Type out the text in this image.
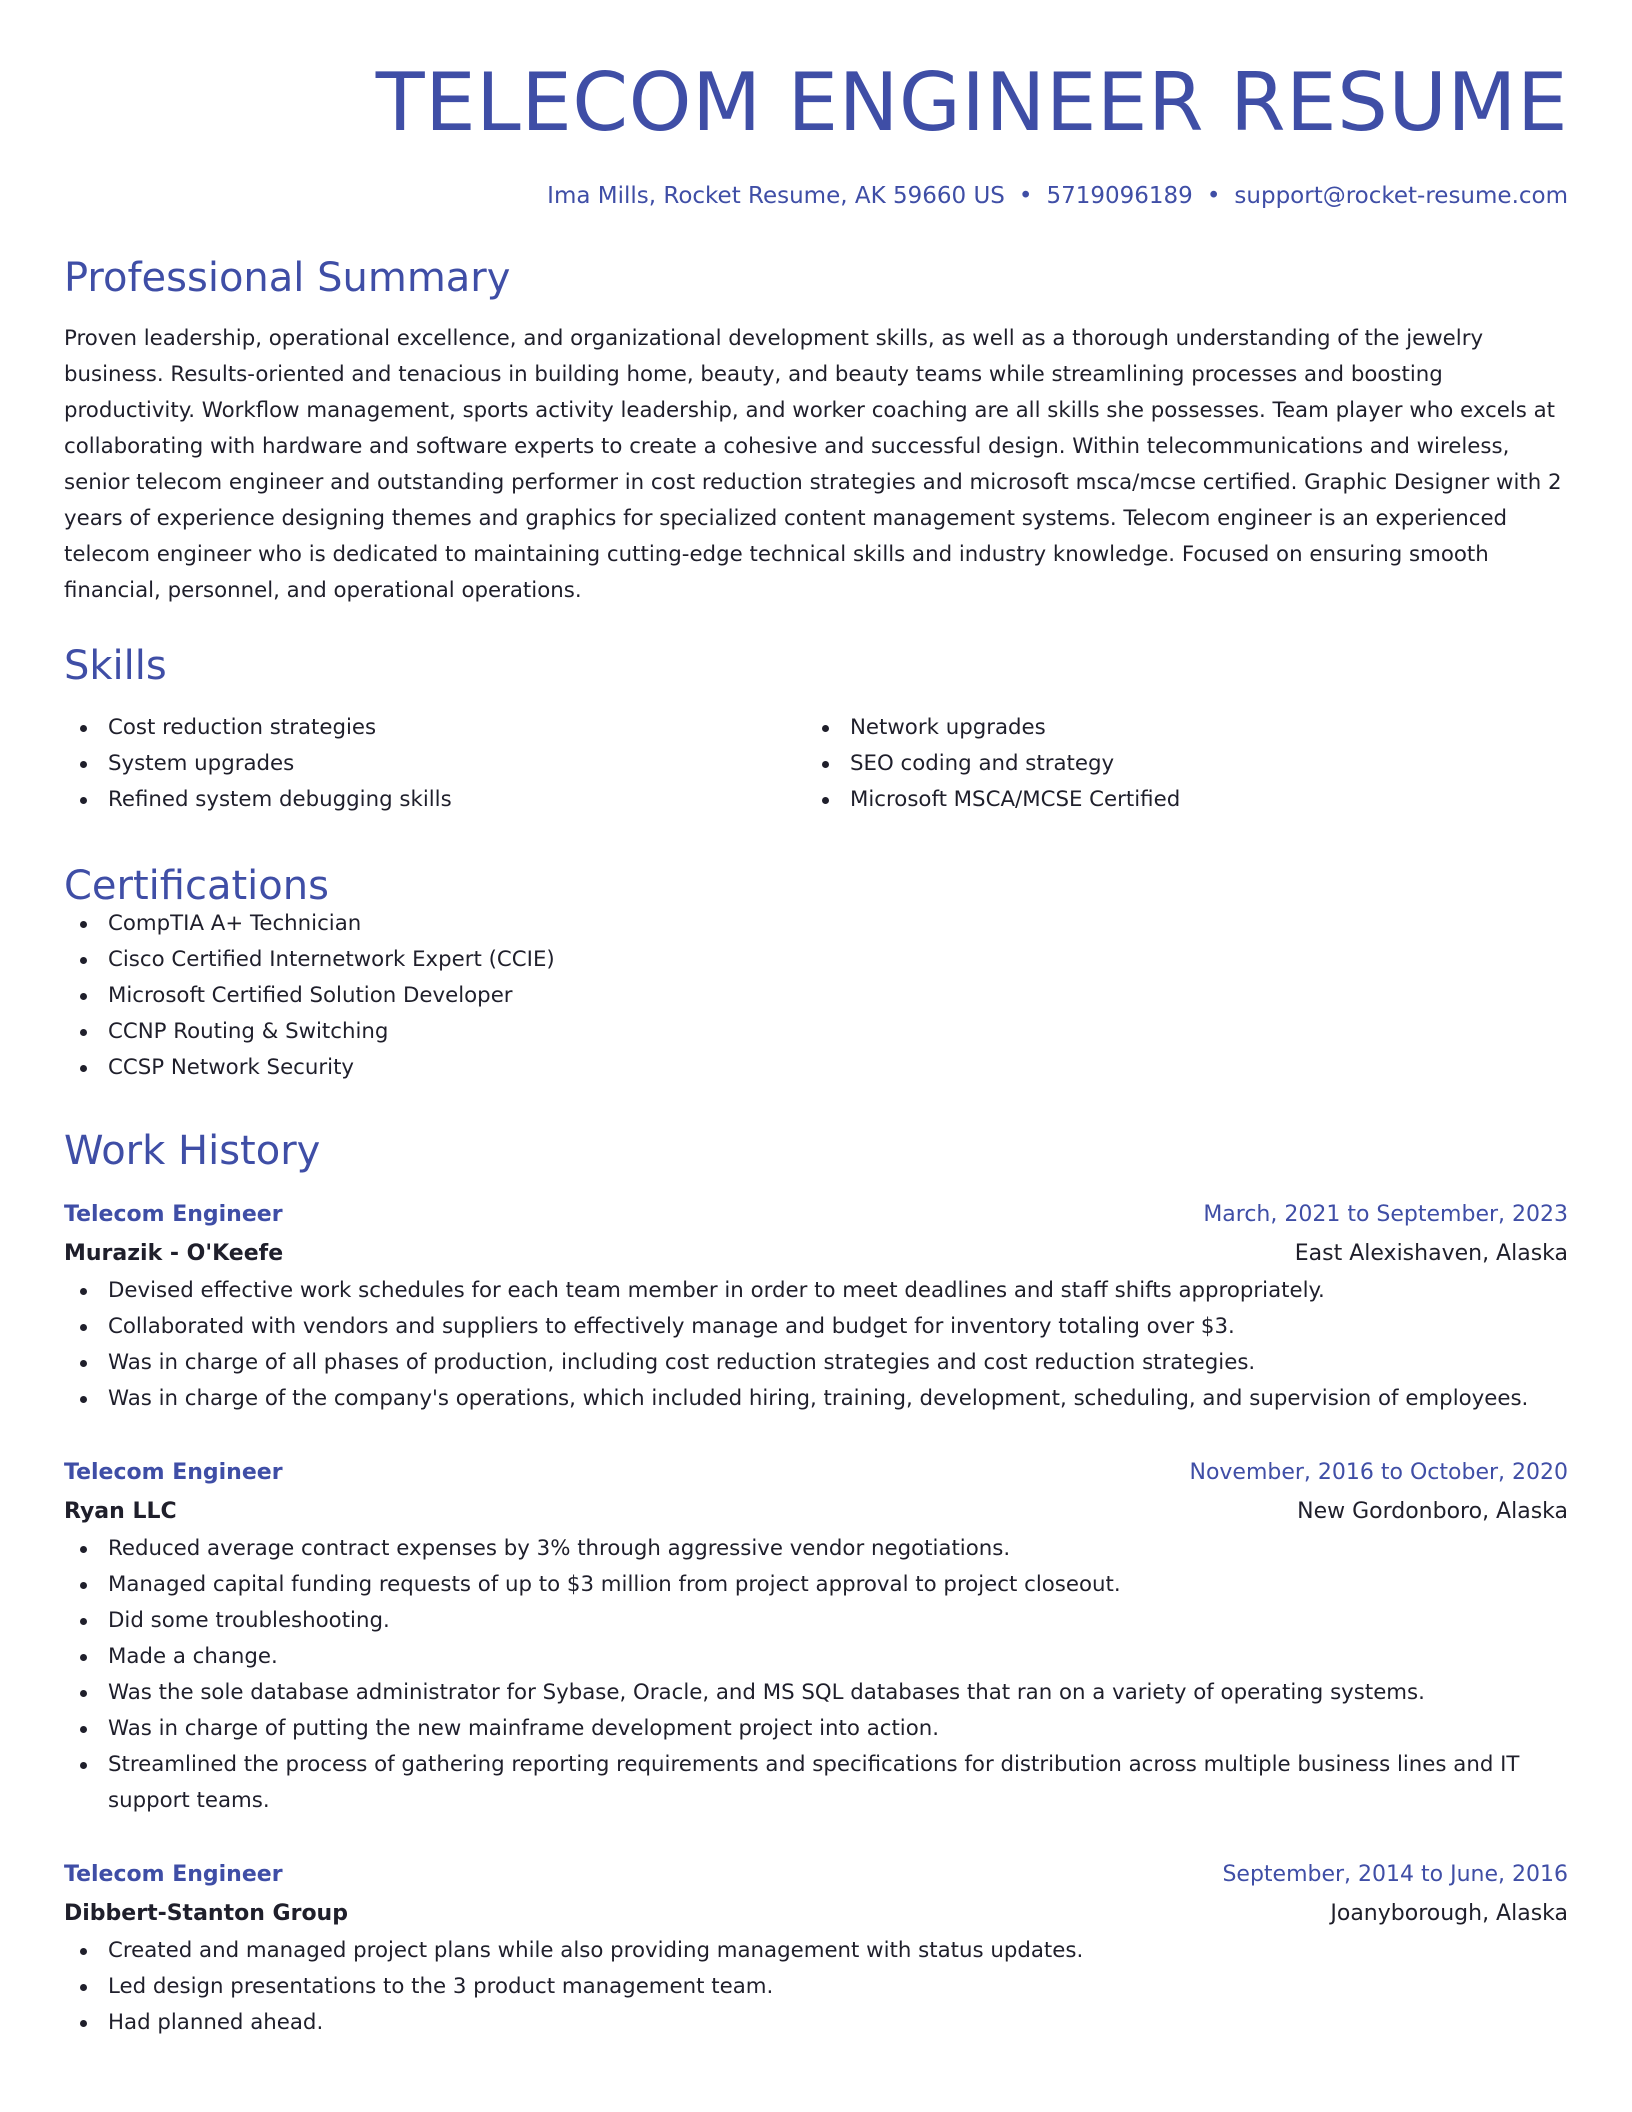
TELECOM ENGINEER RESUME
Ima Mills, Rocket Resume, AK 59660 US • 5719096189 • support@rocket-resume.com
Professional Summary

Proven leadership, operational excellence, and organizational development skills, as well as a thorough understanding of the jewelry business. Results-oriented and tenacious in building home, beauty, and beauty teams while streamlining processes and boosting productivity. Workflow management, sports activity leadership, and worker coaching are all skills she possesses. Team player who excels at collaborating with hardware and software experts to create a cohesive and successful design. Within telecommunications and wireless, senior telecom engineer and outstanding performer in cost reduction strategies and microsoft msca/mcse certified. Graphic Designer with 2 years of experience designing themes and graphics for specialized content management systems. Telecom engineer is an experienced telecom engineer who is dedicated to maintaining cutting-edge technical skills and industry knowledge. Focused on ensuring smooth financial, personnel, and operational operations.

Skills
Cost reduction strategies
System upgrades
Refined system debugging skills
Network upgrades
SEO coding and strategy
Microsoft MSCA/MCSE Certified
Certifications
CompTIA A+ Technician
Cisco Certified Internetwork Expert (CCIE)
Microsoft Certified Solution Developer
CCNP Routing & Switching
CCSP Network Security
Work History
Telecom Engineer	March, 2021 to September, 2023
Murazik - O'Keefe	East Alexishaven, Alaska
Devised effective work schedules for each team member in order to meet deadlines and staff shifts appropriately.
Collaborated with vendors and suppliers to effectively manage and budget for inventory totaling over $3.
Was in charge of all phases of production, including cost reduction strategies and cost reduction strategies.
Was in charge of the company's operations, which included hiring, training, development, scheduling, and supervision of employees.
Telecom Engineer	November, 2016 to October, 2020
Ryan LLC	New Gordonboro, Alaska
Reduced average contract expenses by 3% through aggressive vendor negotiations.
Managed capital funding requests of up to $3 million from project approval to project closeout.
Did some troubleshooting.
Made a change.
Was the sole database administrator for Sybase, Oracle, and MS SQL databases that ran on a variety of operating systems.
Was in charge of putting the new mainframe development project into action.
Streamlined the process of gathering reporting requirements and specifications for distribution across multiple business lines and IT support teams.
Telecom Engineer	September, 2014 to June, 2016
Dibbert-Stanton Group	Joanyborough, Alaska
Created and managed project plans while also providing management with status updates.
Led design presentations to the 3 product management team.
Had planned ahead.
